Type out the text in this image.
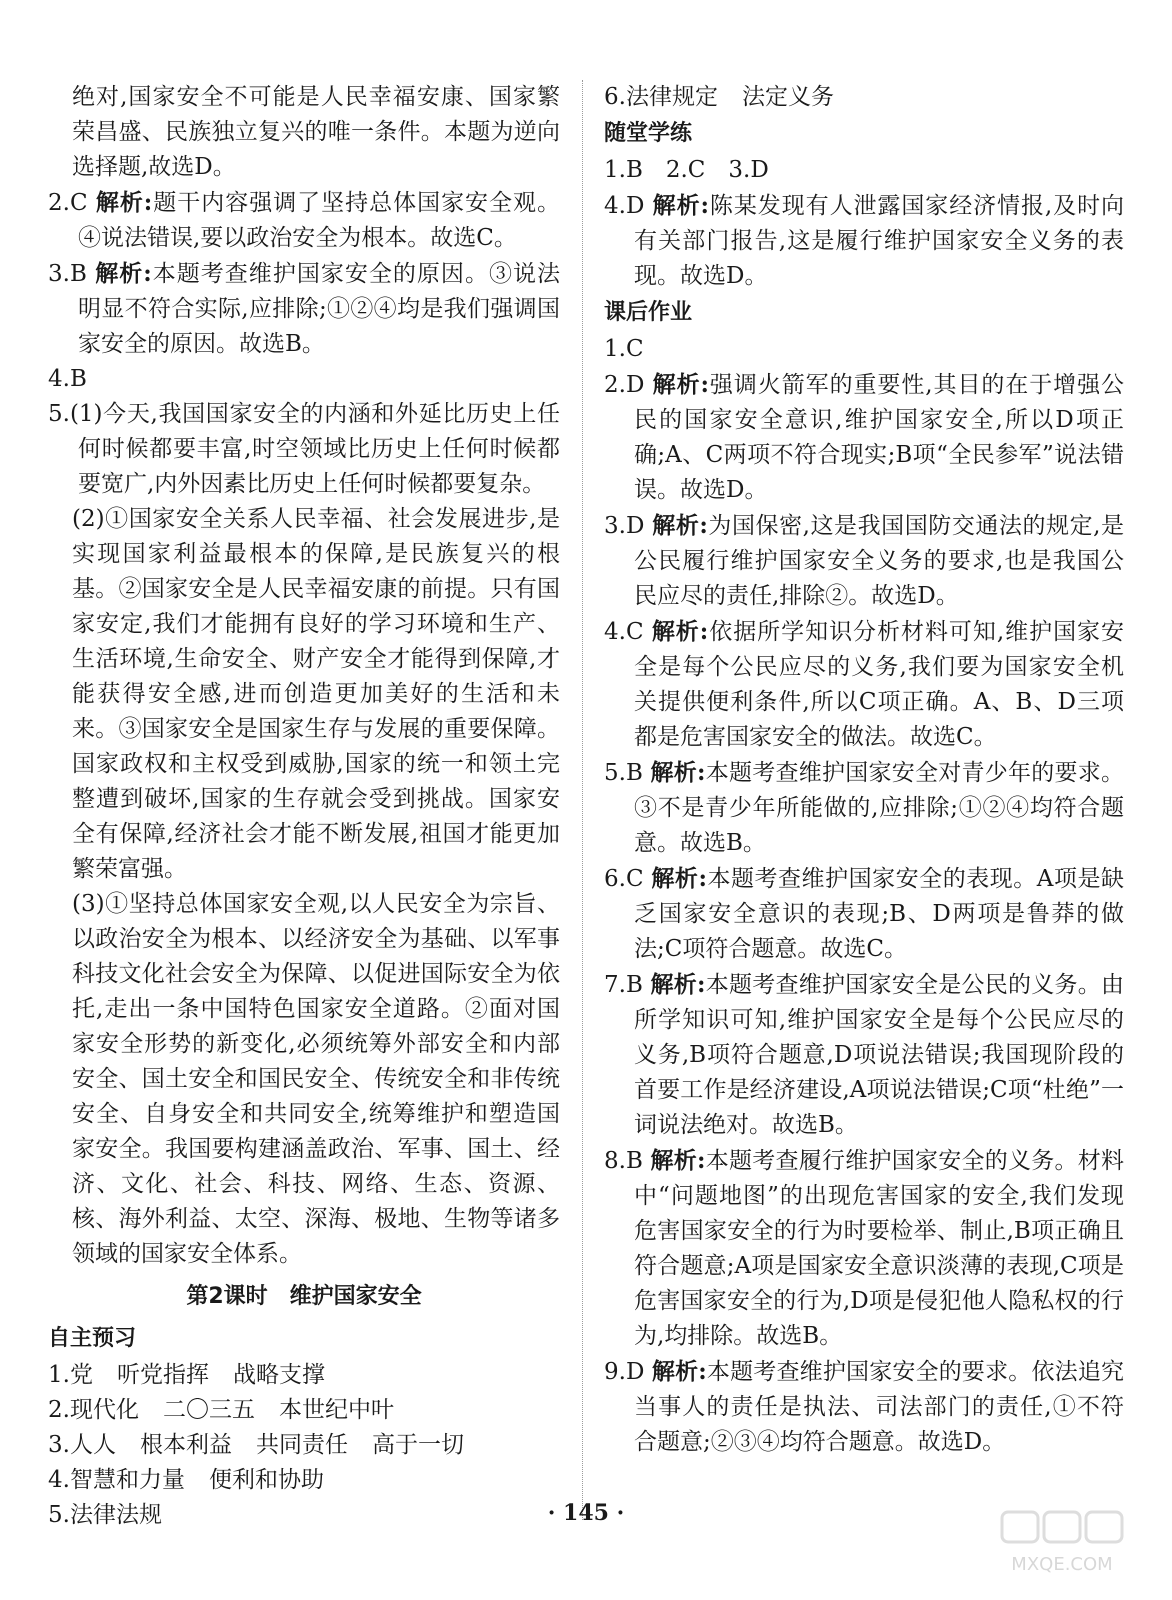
绝对,国家安全不可能是人民幸福安康、国家繁荣昌盛、民族独立复兴的唯一条件。本题为逆向选择题,故选D。

2.C 解析:题干内容强调了坚持总体国家安全观。④说法错误,要以政治安全为根本。故选C。

3.B 解析:本题考查维护国家安全的原因。③说法明显不符合实际,应排除;①②④均是我们强调国家安全的原因。故选B。

4.B

5.(1)今天,我国国家安全的内涵和外延比历史上任何时候都要丰富,时空领域比历史上任何时候都要宽广,内外因素比历史上任何时候都要复杂。

(2)①国家安全关系人民幸福、社会发展进步,是实现国家利益最根本的保障,是民族复兴的根基。②国家安全是人民幸福安康的前提。只有国家安定,我们才能拥有良好的学习环境和生产、生活环境,生命安全、财产安全才能得到保障,才能获得安全感,进而创造更加美好的生活和未来。③国家安全是国家生存与发展的重要保障。国家政权和主权受到威胁,国家的统一和领土完整遭到破坏,国家的生存就会受到挑战。国家安全有保障,经济社会才能不断发展,祖国才能更加繁荣富强。

(3)①坚持总体国家安全观,以人民安全为宗旨、以政治安全为根本、以经济安全为基础、以军事科技文化社会安全为保障、以促进国际安全为依托,走出一条中国特色国家安全道路。②面对国家安全形势的新变化,必须统筹外部安全和内部安全、国土安全和国民安全、传统安全和非传统安全、自身安全和共同安全,统筹维护和塑造国家安全。我国要构建涵盖政治、军事、国土、经济、文化、社会、科技、网络、生态、资源、核、海外利益、太空、深海、极地、生物等诸多领域的国家安全体系。

第2课时　维护国家安全
自主预习

1.党 听党指挥 战略支撑

2.现代化 二〇三五 本世纪中叶

3.人人 根本利益 共同责任 高于一切

4.智慧和力量 便利和协助

5.法律法规

6.法律规定 法定义务

随堂学练

1.B　2.C　3.D

4.D 解析:陈某发现有人泄露国家经济情报,及时向有关部门报告,这是履行维护国家安全义务的表现。故选D。

课后作业

1.C

2.D 解析:强调火箭军的重要性,其目的在于增强公民的国家安全意识,维护国家安全,所以D项正确;A、C两项不符合现实;B项“全民参军”说法错误。故选D。

3.D 解析:为国保密,这是我国国防交通法的规定,是公民履行维护国家安全义务的要求,也是我国公民应尽的责任,排除②。故选D。

4.C 解析:依据所学知识分析材料可知,维护国家安全是每个公民应尽的义务,我们要为国家安全机关提供便利条件,所以C项正确。A、B、D三项都是危害国家安全的做法。故选C。

5.B 解析:本题考查维护国家安全对青少年的要求。③不是青少年所能做的,应排除;①②④均符合题意。故选B。

6.C 解析:本题考查维护国家安全的表现。A项是缺乏国家安全意识的表现;B、D两项是鲁莽的做法;C项符合题意。故选C。

7.B 解析:本题考查维护国家安全是公民的义务。由所学知识可知,维护国家安全是每个公民应尽的义务,B项符合题意,D项说法错误;我国现阶段的首要工作是经济建设,A项说法错误;C项“杜绝”一词说法绝对。故选B。

8.B 解析:本题考查履行维护国家安全的义务。材料中“问题地图”的出现危害国家的安全,我们发现危害国家安全的行为时要检举、制止,B项正确且符合题意;A项是国家安全意识淡薄的表现,C项是危害国家安全的行为,D项是侵犯他人隐私权的行为,均排除。故选B。

9.D 解析:本题考查维护国家安全的要求。依法追究当事人的责任是执法、司法部门的责任,①不符合题意;②③④均符合题意。故选D。

· 145 ·
MXQE.COM
